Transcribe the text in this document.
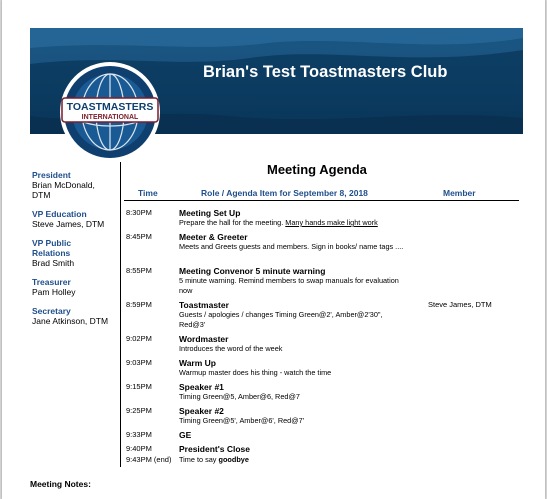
Brian's Test Toastmasters Club
TOASTMASTERS
INTERNATIONAL
President
Brian McDonald,
DTM
VP Education
Steve James, DTM
VP Public Relations
Brad Smith
Treasurer
Pam Holley
Secretary
Jane Atkinson, DTM
Meeting Agenda
Time	Role / Agenda Item for September 8, 2018	Member
8:30PM	Meeting Set Up
Prepare the hall for the meeting. Many hands make light work
8:45PM	Meeter & Greeter
Meets and Greets guests and members. Sign in books/ name tags ....
8:55PM	Meeting Convenor 5 minute warning
5 minute warning. Remind members to swap manuals for evaluation now
8:59PM	Toastmaster
Guests / apologies / changes Timing Green@2', Amber@2'30", Red@3'
Steve James, DTM
9:02PM	Wordmaster
Introduces the word of the week
9:03PM	Warm Up
Warmup master does his thing - watch the time
9:15PM	Speaker #1
Timing Green@5, Amber@6, Red@7
9:25PM	Speaker #2
Timing Green@5', Amber@6', Red@7'
9:33PM	GE
9:40PM	President's Close
9:43PM (end) Time to say goodbye
Meeting Notes:
